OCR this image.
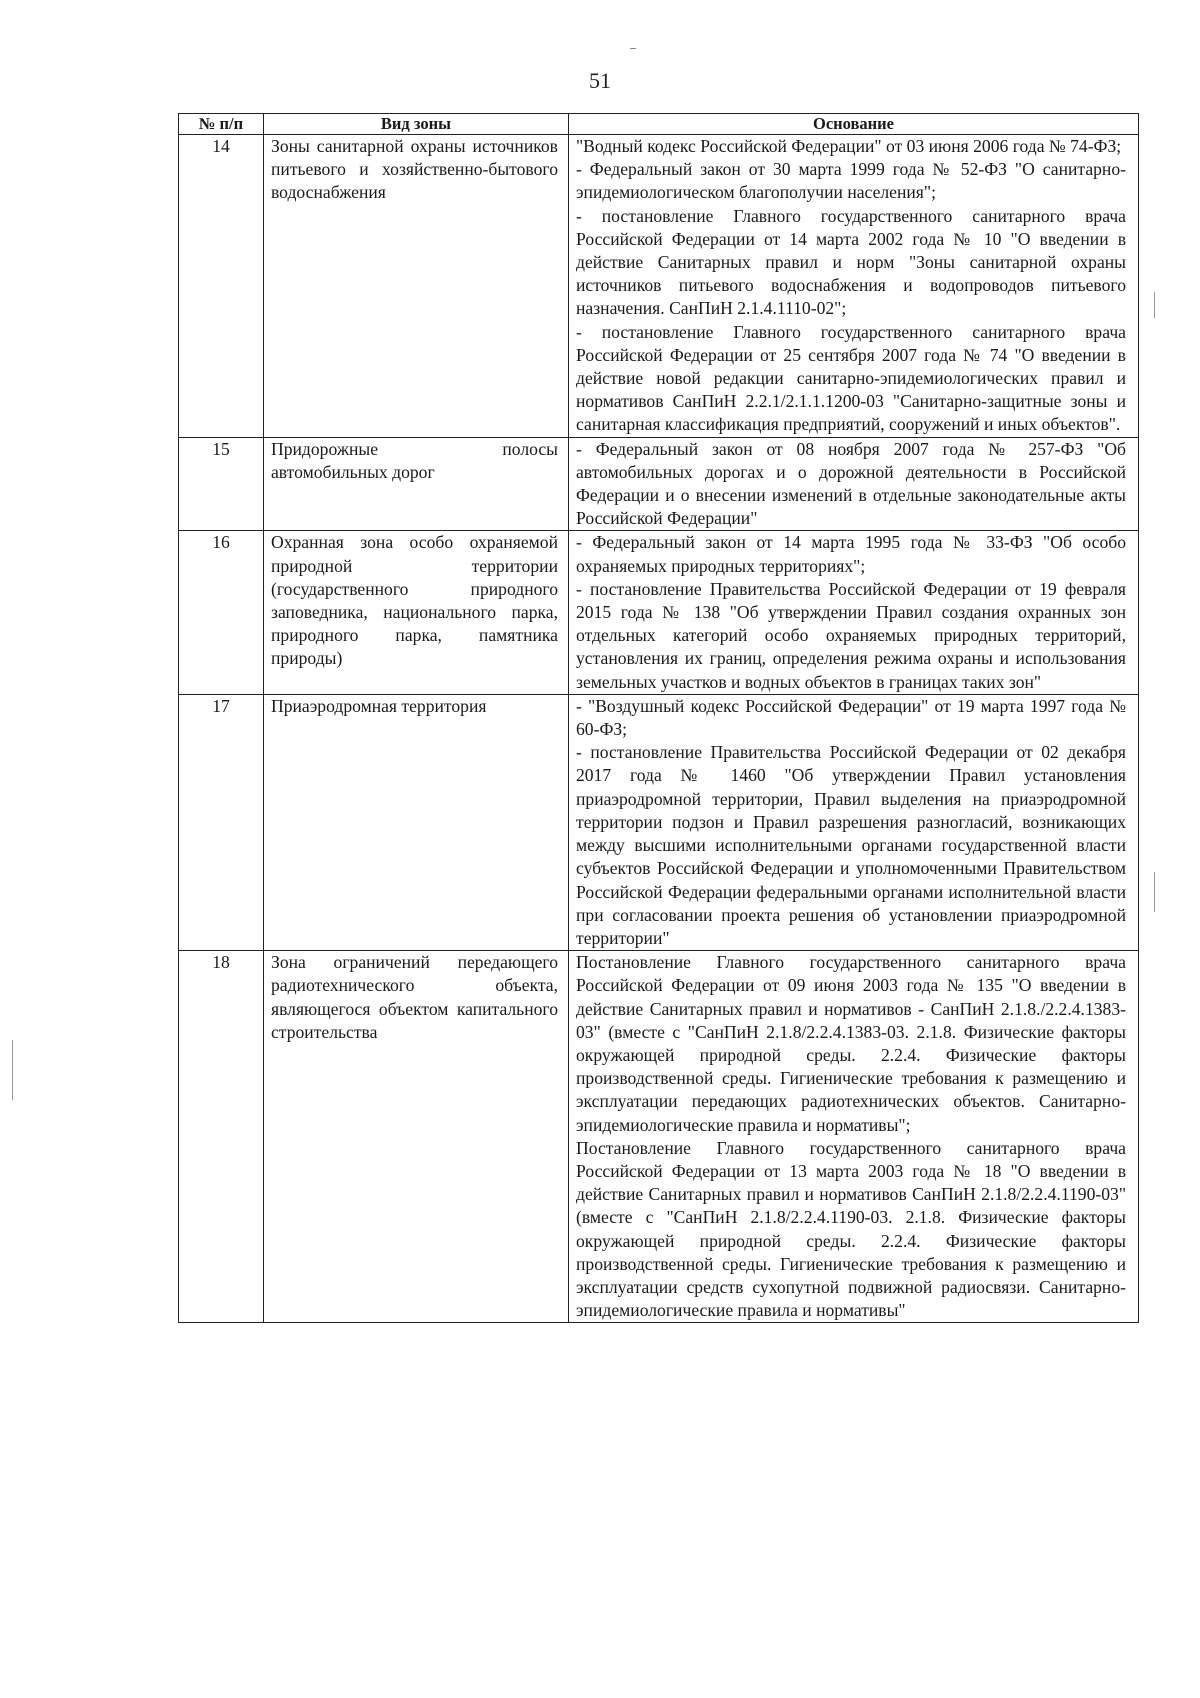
51
№ п/п	Вид зоны	Основание
14	Зоны санитарной охраны источников питьевого и хозяйственно-бытового водоснабжения	"Водный кодекс Российской Федерации" от 03 июня 2006 года № 74-ФЗ;
- Федеральный закон от 30 марта 1999 года № 52-ФЗ "О санитарно-эпидемиологическом благополучии населения";
- постановление Главного государственного санитарного врача Российской Федерации от 14 марта 2002 года № 10 "О введении в действие Санитарных правил и норм "Зоны санитарной охраны источников питьевого водоснабжения и водопроводов питьевого назначения. СанПиН 2.1.4.1110-02";
- постановление Главного государственного санитарного врача Российской Федерации от 25 сентября 2007 года № 74 "О введении в действие новой редакции санитарно-эпидемиологических правил и нормативов СанПиН 2.2.1/2.1.1.1200-03 "Санитарно-защитные зоны и санитарная классификация предприятий, сооружений и иных объектов".

15	Придорожные полосы автомобильных дорог	- Федеральный закон от 08 ноября 2007 года № 257-ФЗ "Об автомобильных дорогах и о дорожной деятельности в Российской Федерации и о внесении изменений в отдельные законодательные акты Российской Федерации"

16	Охранная зона особо охраняемой природной территории (государственного природного заповедника, национального парка, природного парка, памятника природы)	- Федеральный закон от 14 марта 1995 года № 33-ФЗ "Об особо охраняемых природных территориях";
- постановление Правительства Российской Федерации от 19 февраля 2015 года № 138 "Об утверждении Правил создания охранных зон отдельных категорий особо охраняемых природных территорий, установления их границ, определения режима охраны и использования земельных участков и водных объектов в границах таких зон"

17	Приаэродромная территория	- "Воздушный кодекс Российской Федерации" от 19 марта 1997 года № 60-ФЗ;
- постановление Правительства Российской Федерации от 02 декабря 2017 года № 1460 "Об утверждении Правил установления приаэродромной территории, Правил выделения на приаэродромной территории подзон и Правил разрешения разногласий, возникающих между высшими исполнительными органами государственной власти субъектов Российской Федерации и уполномоченными Правительством Российской Федерации федеральными органами исполнительной власти при согласовании проекта решения об установлении приаэродромной территории"

18	Зона ограничений передающего радиотехнического объекта, являющегося объектом капитального строительства	Постановление Главного государственного санитарного врача Российской Федерации от 09 июня 2003 года № 135 "О введении в действие Санитарных правил и нормативов - СанПиН 2.1.8./2.2.4.1383-03" (вместе с "СанПиН 2.1.8/2.2.4.1383-03. 2.1.8. Физические факторы окружающей природной среды. 2.2.4. Физические факторы производственной среды. Гигиенические требования к размещению и эксплуатации передающих радиотехнических объектов. Санитарно-эпидемиологические правила и нормативы";
Постановление Главного государственного санитарного врача Российской Федерации от 13 марта 2003 года № 18 "О введении в действие Санитарных правил и нормативов СанПиН 2.1.8/2.2.4.1190-03" (вместе с "СанПиН 2.1.8/2.2.4.1190-03. 2.1.8. Физические факторы окружающей природной среды. 2.2.4. Физические факторы производственной среды. Гигиенические требования к размещению и эксплуатации средств сухопутной подвижной радиосвязи. Санитарно-эпидемиологические правила и нормативы"
